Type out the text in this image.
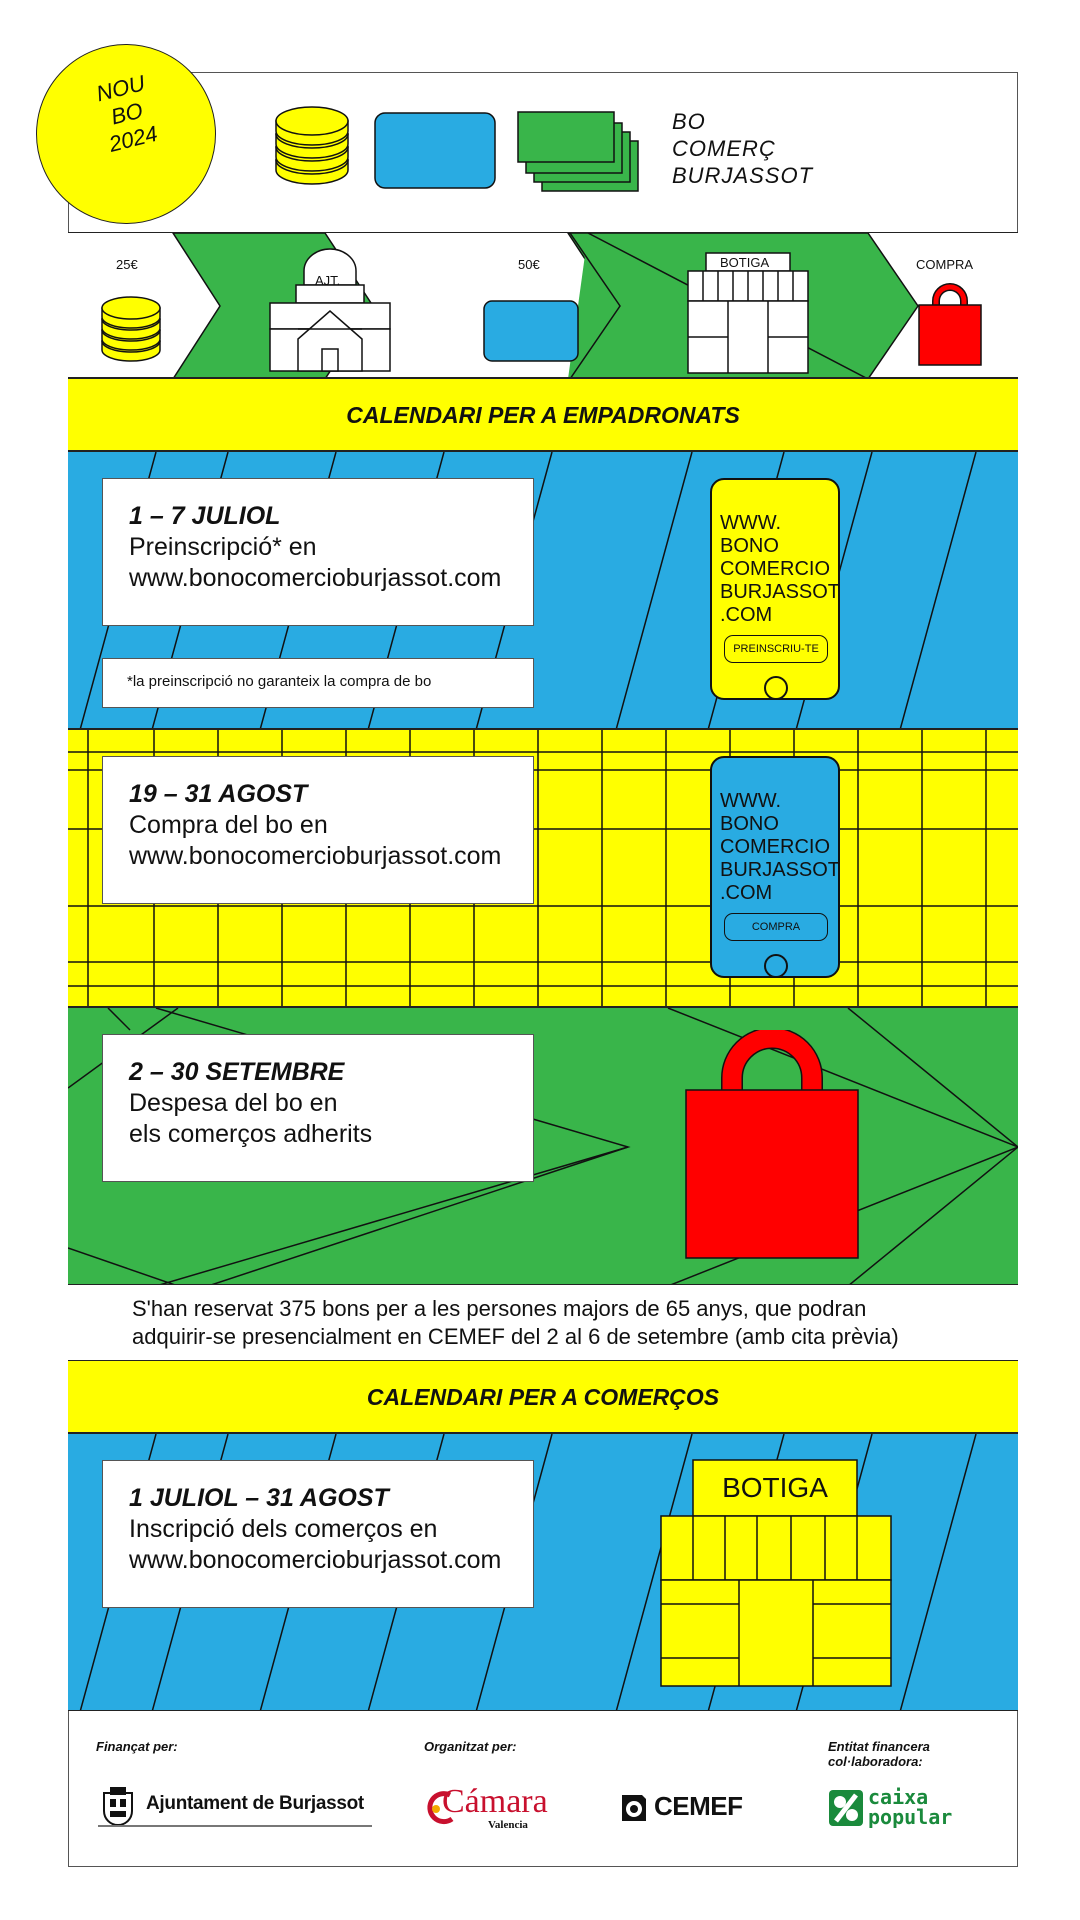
NOU
BO
2024	BO
COMERÇ
BURJASSOT
25€
AJT.
50€	BOTIGA	COMPRA
CALENDARI PER A EMPADRONATS
1 – 7 JULIOL
Preinscripció* en
www.bonocomercioburjassot.com
*la preinscripció no garanteix la compra de bo
WWW.
BONO
COMERCIO
BURJASSOT
.COM
PREINSCRIU-TE
19 – 31 AGOST
Compra del bo en
www.bonocomercioburjassot.com
WWW.
BONO
COMERCIO
BURJASSOT
.COM
COMPRA
2 – 30 SETEMBRE
Despesa del bo en
els comerços adherits
S'han reservat 375 bons per a les persones majors de 65 anys, que podran
adquirir-se presencialment en CEMEF del 2 al 6 de setembre (amb cita prèvia)
CALENDARI PER A COMERÇOS
1 JULIOL – 31 AGOST
Inscripció dels comerços en
www.bonocomercioburjassot.com
BOTIGA
Finançat per:	Organitzat per:	Entitat financera
col·laboradora:
Ajuntament de Burjassot Cámara
Valencia
CEMEF	caixa
popular
